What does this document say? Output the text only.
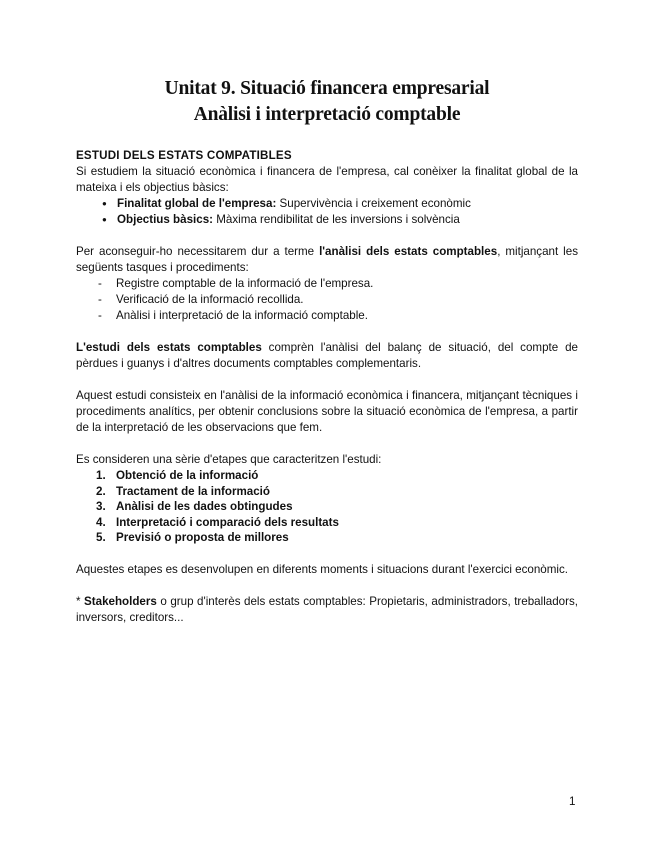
Unitat 9. Situació financera empresarial
Anàlisi i interpretació comptable
ESTUDI DELS ESTATS COMPATIBLES

Si estudiem la situació econòmica i financera de l'empresa, cal conèixer la finalitat global de la mateixa i els objectius bàsics:

● Finalitat global de l'empresa: Supervivència i creixement econòmic
● Objectius bàsics: Màxima rendibilitat de les inversions i solvència

Per aconseguir-ho necessitarem dur a terme l'anàlisi dels estats comptables, mitjançant les següents tasques i procediments:

- Registre comptable de la informació de l'empresa.
- Verificació de la informació recollida.
- Anàlisi i interpretació de la informació comptable.

L'estudi dels estats comptables comprèn l'anàlisi del balanç de situació, del compte de pèrdues i guanys i d'altres documents comptables complementaris.

Aquest estudi consisteix en l'anàlisi de la informació econòmica i financera, mitjançant tècniques i procediments analítics, per obtenir conclusions sobre la situació econòmica de l'empresa, a partir de la interpretació de les observacions que fem.

Es consideren una sèrie d'etapes que caracteritzen l'estudi:

1. Obtenció de la informació
2. Tractament de la informació
3. Anàlisi de les dades obtingudes
4. Interpretació i comparació dels resultats
5. Previsió o proposta de millores

Aquestes etapes es desenvolupen en diferents moments i situacions durant l'exercici econòmic.

* Stakeholders o grup d'interès dels estats comptables: Propietaris, administradors, treballadors, inversors, creditors...

1
